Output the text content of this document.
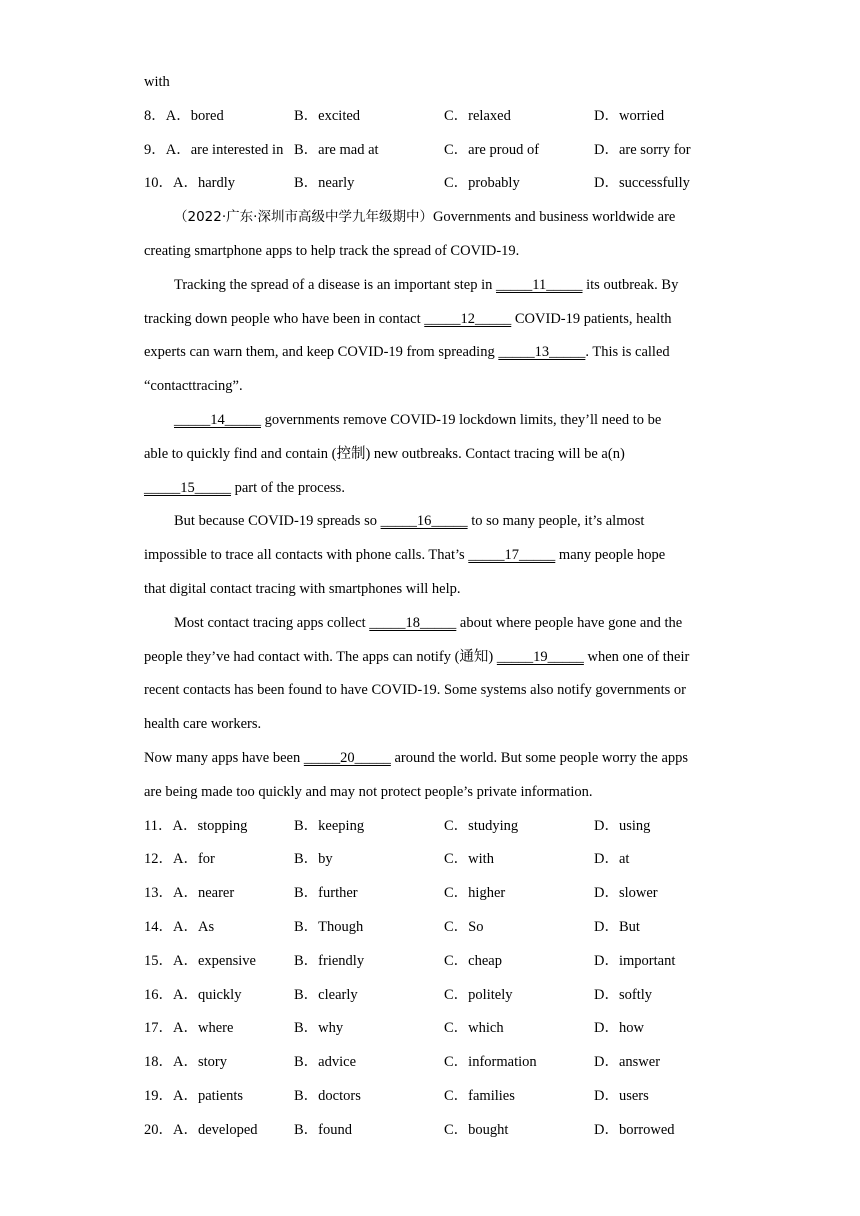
with
8．A．bored	B．excited	C．relaxed	D．worried
9．A．are interested in B．are mad at	C．are proud of	D．are sorry for
10．A．hardly	B．nearly	C．probably	D．successfully
（2022·广东·深圳市高级中学九年级期中）Governments and business worldwide are
creating smartphone apps to help track the spread of COVID-19.
Tracking the spread of a disease is an important step in _____11_____ its outbreak. By
tracking down people who have been in contact _____12_____ COVID-19 patients, health
experts can warn them, and keep COVID-19 from spreading _____13_____. This is called
“contacttracing”.
_____14_____ governments remove COVID-19 lockdown limits, they’ll need to be
able to quickly find and contain (控制) new outbreaks. Contact tracing will be a(n)
_____15_____ part of the process.
But because COVID-19 spreads so _____16_____ to so many people, it’s almost
impossible to trace all contacts with phone calls. That’s _____17_____ many people hope
that digital contact tracing with smartphones will help.
Most contact tracing apps collect _____18_____ about where people have gone and the
people they’ve had contact with. The apps can notify (通知) _____19_____ when one of their
recent contacts has been found to have COVID-19. Some systems also notify governments or
health care workers.
Now many apps have been _____20_____ around the world. But some people worry the apps
are being made too quickly and may not protect people’s private information.
11．A．stopping	B．keeping	C．studying	D．using
12．A．for	B．by	C．with	D．at
13．A．nearer	B．further	C．higher	D．slower
14．A．As	B．Though	C．So	D．But
15．A．expensive	B．friendly	C．cheap	D．important
16．A．quickly	B．clearly	C．politely	D．softly
17．A．where	B．why	C．which	D．how
18．A．story	B．advice	C．information	D．answer
19．A．patients	B．doctors	C．families	D．users
20．A．developed	B．found	C．bought	D．borrowed
